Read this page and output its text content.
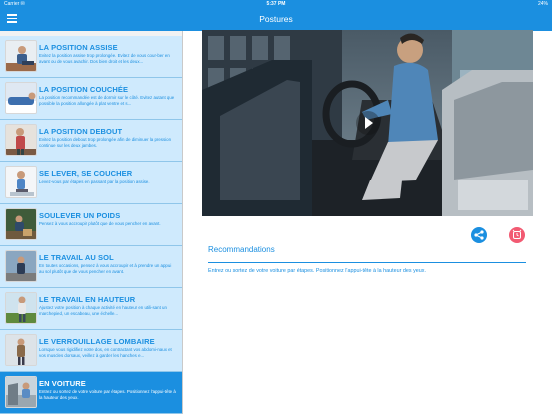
Carrier ✉	5:37 PM	24%
Postures
LA POSITION ASSISE
Evitez la position assise trop prolongée. Evitez de vous cour-ber en avant ou de vous avachir. Dos bien droit et les deux...
LA POSITION COUCHÉE
La position recommandée est de dormir sur le côté. Evitez autant que possible la position allongée à plat ventre et s...
LA POSITION DEBOUT
Evitez la position debout trop prolongée afin de diminuer la pression continue sur les deux jambes.
SE LEVER, SE COUCHER
Levez-vous par étapes en passant par la position assise.
SOULEVER UN POIDS
Pensez à vous accroupir plutôt que de vous pencher en avant.
LE TRAVAIL AU SOL
En toutes occasions, pensez à vous accroupir et à prendre un appui au sol plutôt que de vous pencher en avant.
LE TRAVAIL EN HAUTEUR
Ajustez votre position à chaque activité en hauteur en utili-sant un marchepied, un escabeau, une échelle...
LE VERROUILLAGE LOMBAIRE
Lorsque vous rigidifiez votre dos, en contractant vos abdomi-naux et vos muscles dorsaux, veillez à garder les hanches e...
EN VOITURE
Entrez ou sortez de votre voiture par étapes. Positionnez l'appui-tête à la hauteur des yeux.
Recommandations
Entrez ou sortez de votre voiture par étapes. Positionnez l'appui-tête à la hauteur des yeux.
